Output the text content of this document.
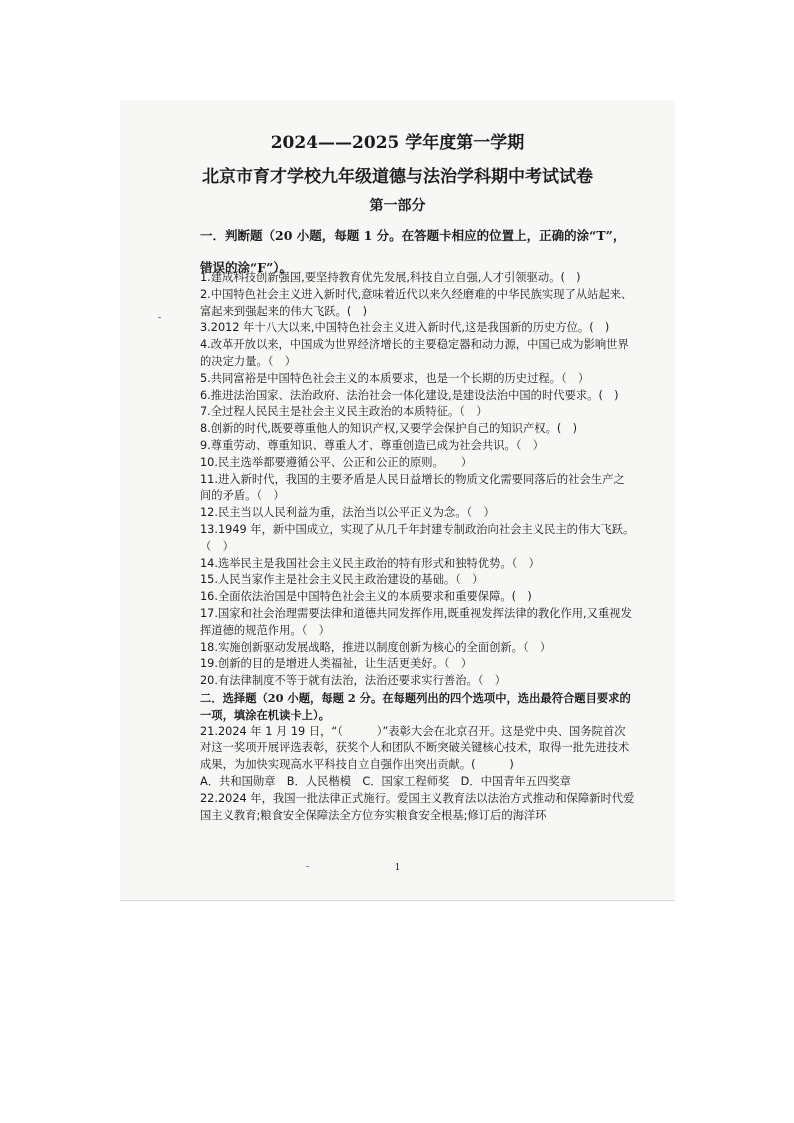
2024——2025 学年度第一学期
北京市育才学校九年级道德与法治学科期中考试试卷
第一部分
一．判断题（20 小题，每题 1 分。在答题卡相应的位置上，正确的涂“T”，错误的涂“F”）。
1.建成科技创新强国,要坚持教育优先发展,科技自立自强,人才引领驱动。(　)
2.中国特色社会主义进入新时代,意味着近代以来久经磨难的中华民族实现了从站起来、富起来到强起来的伟大飞跃。(　)
3.2012 年十八大以来,中国特色社会主义进入新时代,这是我国新的历史方位。(　)
4.改革开放以来，中国成为世界经济增长的主要稳定器和动力源，中国已成为影响世界的决定力量。（　）
5.共同富裕是中国特色社会主义的本质要求，也是一个长期的历史过程。（　）
6.推进法治国家、法治政府、法治社会一体化建设,是建设法治中国的时代要求。(　)
7.全过程人民民主是社会主义民主政治的本质特征。（　）
8.创新的时代,既要尊重他人的知识产权,又要学会保护自己的知识产权。(　)
9.尊重劳动、尊重知识、尊重人才、尊重创造已成为社会共识。（　）
10.民主选举都要遵循公平、公正和公正的原则。　　）
11.进入新时代，我国的主要矛盾是人民日益增长的物质文化需要同落后的社会生产之间的矛盾。（　）
12.民主当以人民利益为重，法治当以公平正义为念。（　）
13.1949 年，新中国成立，实现了从几千年封建专制政治向社会主义民主的伟大飞跃。（　）
14.选举民主是我国社会主义民主政治的特有形式和独特优势。（　）
15.人民当家作主是社会主义民主政治建设的基础。（　）
16.全面依法治国是中国特色社会主义的本质要求和重要保障。(　)
17.国家和社会治理需要法律和道德共同发挥作用,既重视发挥法律的教化作用,又重视发挥道德的规范作用。（　）
18.实施创新驱动发展战略，推进以制度创新为核心的全面创新。（　）
19.创新的目的是增进人类福祉，让生活更美好。（　）
20.有法律制度不等于就有法治，法治还要求实行善治。（　）
二．选择题（20 小题，每题 2 分。在每题列出的四个选项中，选出最符合题目要求的一项，填涂在机读卡上）。
21.2024 年 1 月 19 日，“（　　　）”表彰大会在北京召开。这是党中央、国务院首次对这一奖项开展评选表彰，获奖个人和团队不断突破关键核心技术，取得一批先进技术成果，为加快实现高水平科技自立自强作出突出贡献。(　　　)
A．共和国勋章　B．人民楷模　C．国家工程师奖　D．中国青年五四奖章
22.2024 年，我国一批法律正式施行。爱国主义教育法以法治方式推动和保障新时代爱国主义教育;粮食安全保障法全方位夯实粮食安全根基;修订后的海洋环
1
